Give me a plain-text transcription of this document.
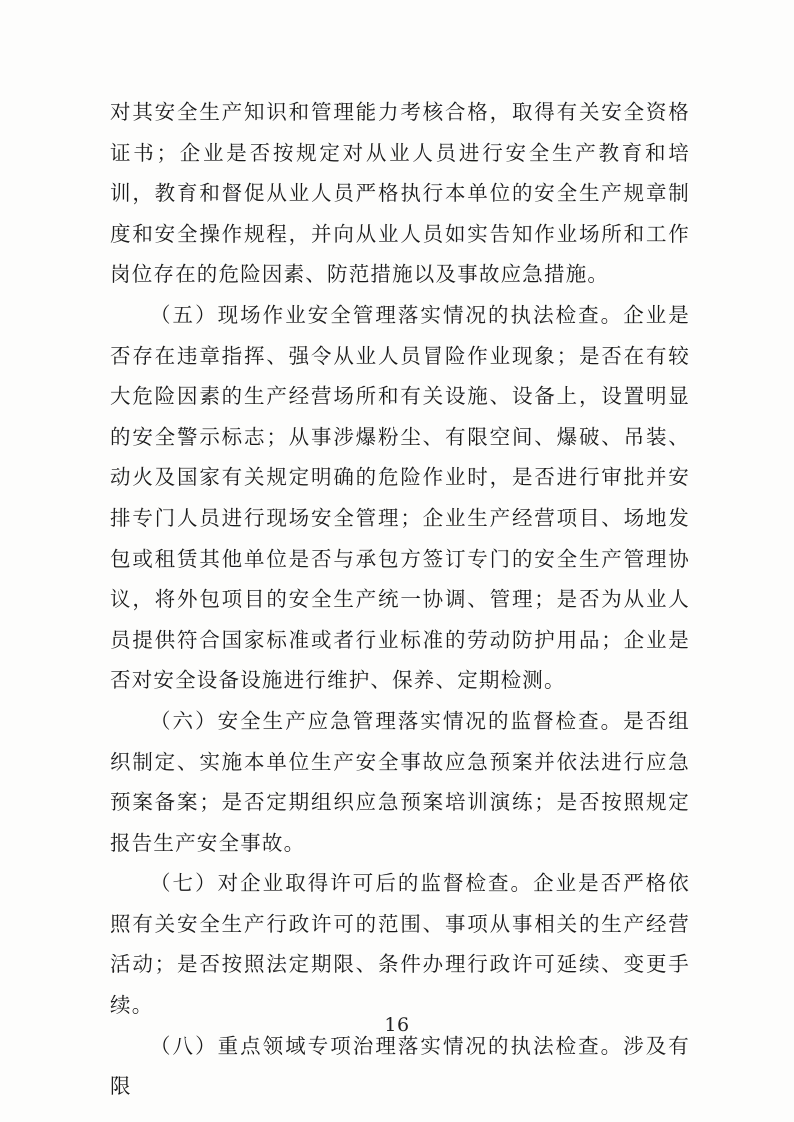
对其安全生产知识和管理能力考核合格，取得有关安全资格证书；企业是否按规定对从业人员进行安全生产教育和培训，教育和督促从业人员严格执行本单位的安全生产规章制度和安全操作规程，并向从业人员如实告知作业场所和工作岗位存在的危险因素、防范措施以及事故应急措施。

（五）现场作业安全管理落实情况的执法检查。企业是否存在违章指挥、强令从业人员冒险作业现象；是否在有较大危险因素的生产经营场所和有关设施、设备上，设置明显的安全警示标志；从事涉爆粉尘、有限空间、爆破、吊装、动火及国家有关规定明确的危险作业时，是否进行审批并安排专门人员进行现场安全管理；企业生产经营项目、场地发包或租赁其他单位是否与承包方签订专门的安全生产管理协议，将外包项目的安全生产统一协调、管理；是否为从业人员提供符合国家标准或者行业标准的劳动防护用品；企业是否对安全设备设施进行维护、保养、定期检测。

（六）安全生产应急管理落实情况的监督检查。是否组织制定、实施本单位生产安全事故应急预案并依法进行应急预案备案；是否定期组织应急预案培训演练；是否按照规定报告生产安全事故。

（七）对企业取得许可后的监督检查。企业是否严格依照有关安全生产行政许可的范围、事项从事相关的生产经营活动；是否按照法定期限、条件办理行政许可延续、变更手续。

（八）重点领域专项治理落实情况的执法检查。涉及有限

16
